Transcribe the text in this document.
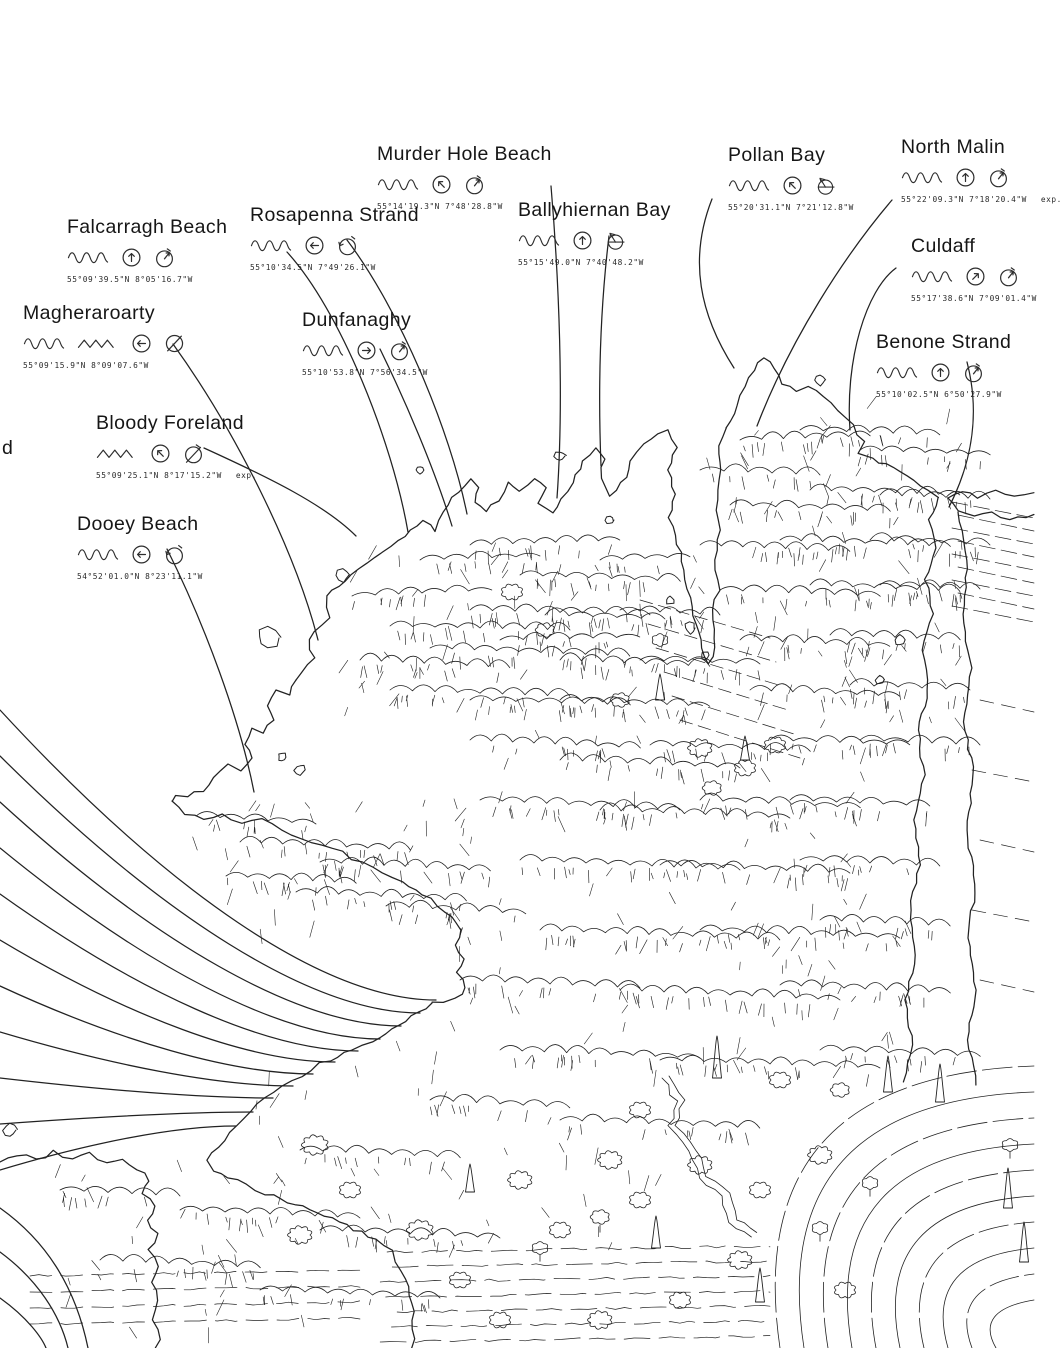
Murder Hole Beach
55°14'19.3"N 7°48'28.8"W
Pollan Bay
55°20'31.1"N 7°21'12.8"W
North Malin
55°22'09.3"N 7°18'20.4"W exp.
Rosapenna Strand
55°10'34.5"N 7°49'26.1"W
Ballyhiernan Bay
55°15'49.0"N 7°40'48.2"W
Falcarragh Beach
55°09'39.5"N 8°05'16.7"W
Culdaff
55°17'38.6"N 7°09'01.4"W
Magheraroarty
55°09'15.9"N 8°09'07.6"W
Dunfanaghy
55°10'53.8"N 7°56'34.5"W
Benone Strand
55°10'02.5"N 6°50'27.9"W
Bloody Foreland
55°09'25.1"N 8°17'15.2"W exp.
Dooey Beach
54°52'01.0"N 8°23'11.1"W
d
